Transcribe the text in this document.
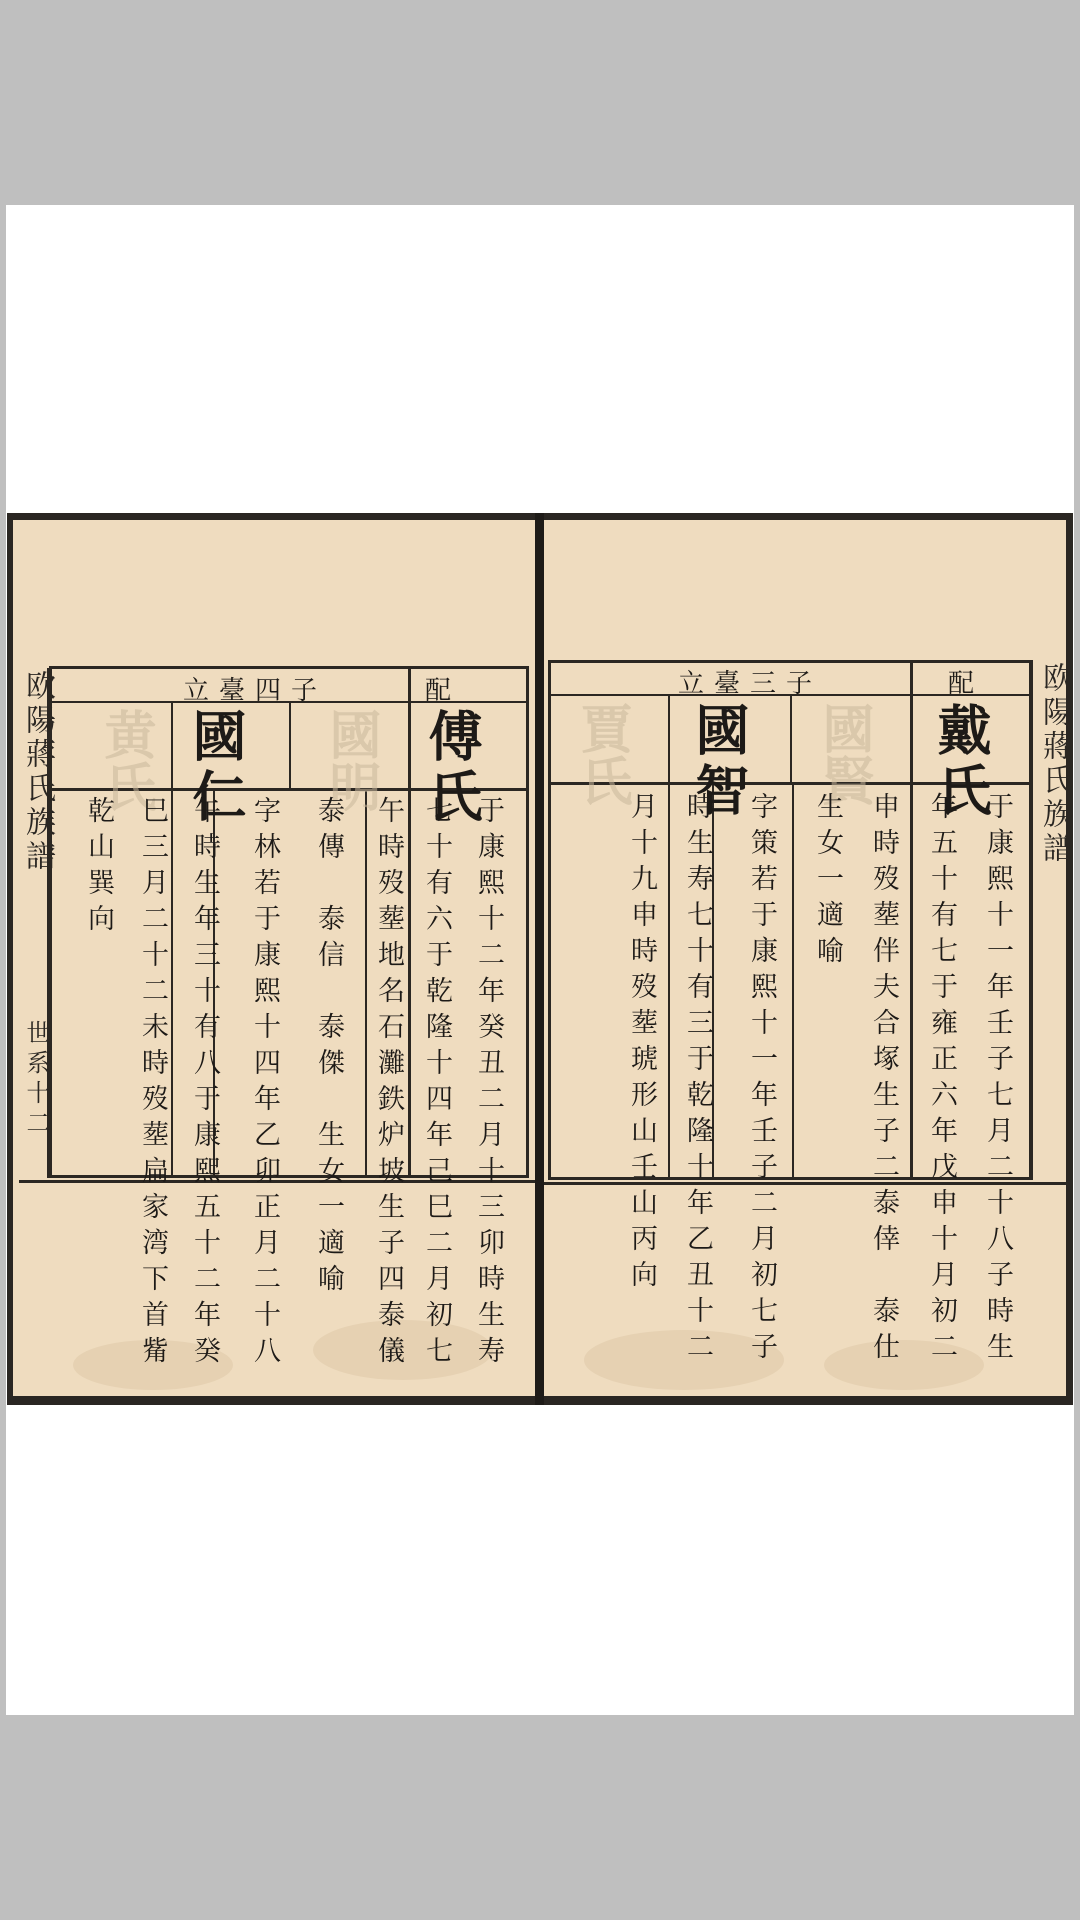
欧陽蔣氏族譜
世系十二
配
立臺四子
黄氏	國明 傅氏
國仁
于康熙十二年癸丑二月十三卯時生寿
七十有六于乾隆十四年己巳二月初七
午時歿塟地名石灘鉄炉坡生子四泰儀
泰傳　泰信　泰傑　生女一適喻
字林若于康熙十四年乙卯正月二十八
午時生年三十有八于康熙五十二年癸
巳三月二十二未時歿塟扁家湾下首觜
乾山巽向
欧陽蔣氏族譜
配
立臺三子
賈氏	國賢 戴氏
國智
于康熙十一年壬子七月二十八子時生
年五十有七于雍正六年戊申十月初二
申時歿塟伴夫合塚生子二泰倖　泰仕
生女一適喻
字策若于康熙十一年壬子二月初七子
時生寿七十有三于乾隆十年乙丑十二
月十九申時歿塟琥形山壬山丙向
